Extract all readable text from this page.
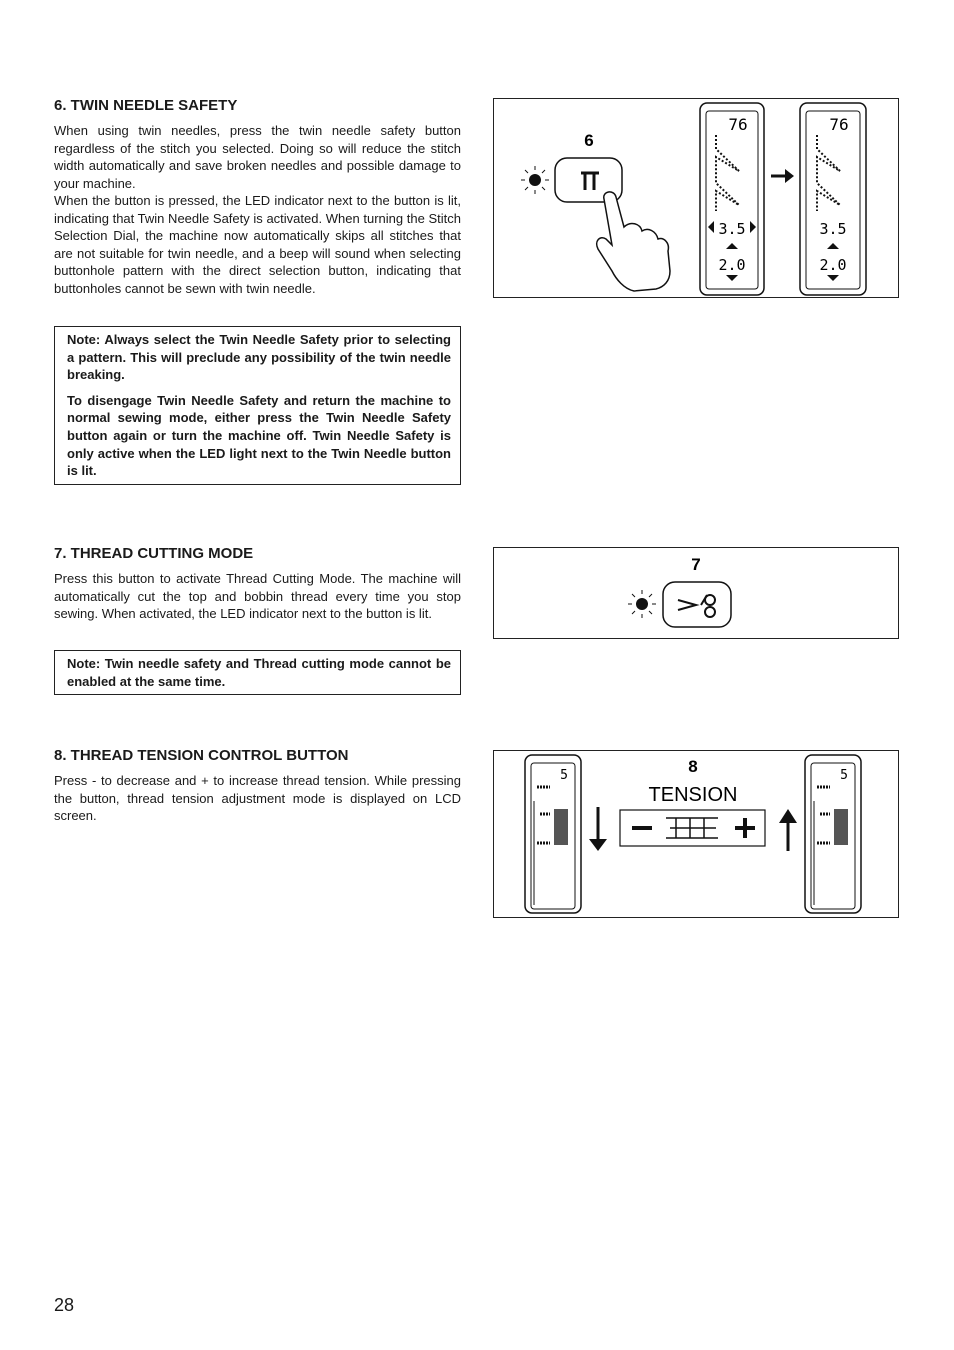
6. TWIN NEEDLE SAFETY

When using twin needles, press the twin needle safety button regardless of the stitch you selected. Doing so will reduce the stitch width automatically and save broken needles and possible damage to your machine.

When the button is pressed, the LED indicator next to the button is lit, indicating that Twin Needle Safety is activated. When turning the Stitch Selection Dial, the machine now automatically skips all stitches that are not suitable for twin needle, and a beep will sound when selecting buttonhole pattern with the direct selection button, indicating that buttonholes cannot be sewn with twin needle.

Note: Always select the Twin Needle Safety prior to selecting a pattern. This will preclude any possibility of the twin needle breaking.

To disengage Twin Needle Safety and return the machine to normal sewing mode, either press the Twin Needle Safety button again or turn the machine off. Twin Needle Safety is only active when the LED light next to the Twin Needle button is lit.

6
76
3.5
2.0
76
3.5
2.0
7. THREAD CUTTING MODE

Press this button to activate Thread Cutting Mode. The machine will automatically cut the top and bobbin thread every time you stop sewing. When activated, the LED indicator next to the button is lit.

Note: Twin needle safety and Thread cutting mode cannot be enabled at the same time.

7
8. THREAD TENSION CONTROL BUTTON

Press - to decrease and + to increase thread tension. While pressing the button, thread tension adjustment mode is displayed on LCD screen.

5	8
TENSION
5
28
